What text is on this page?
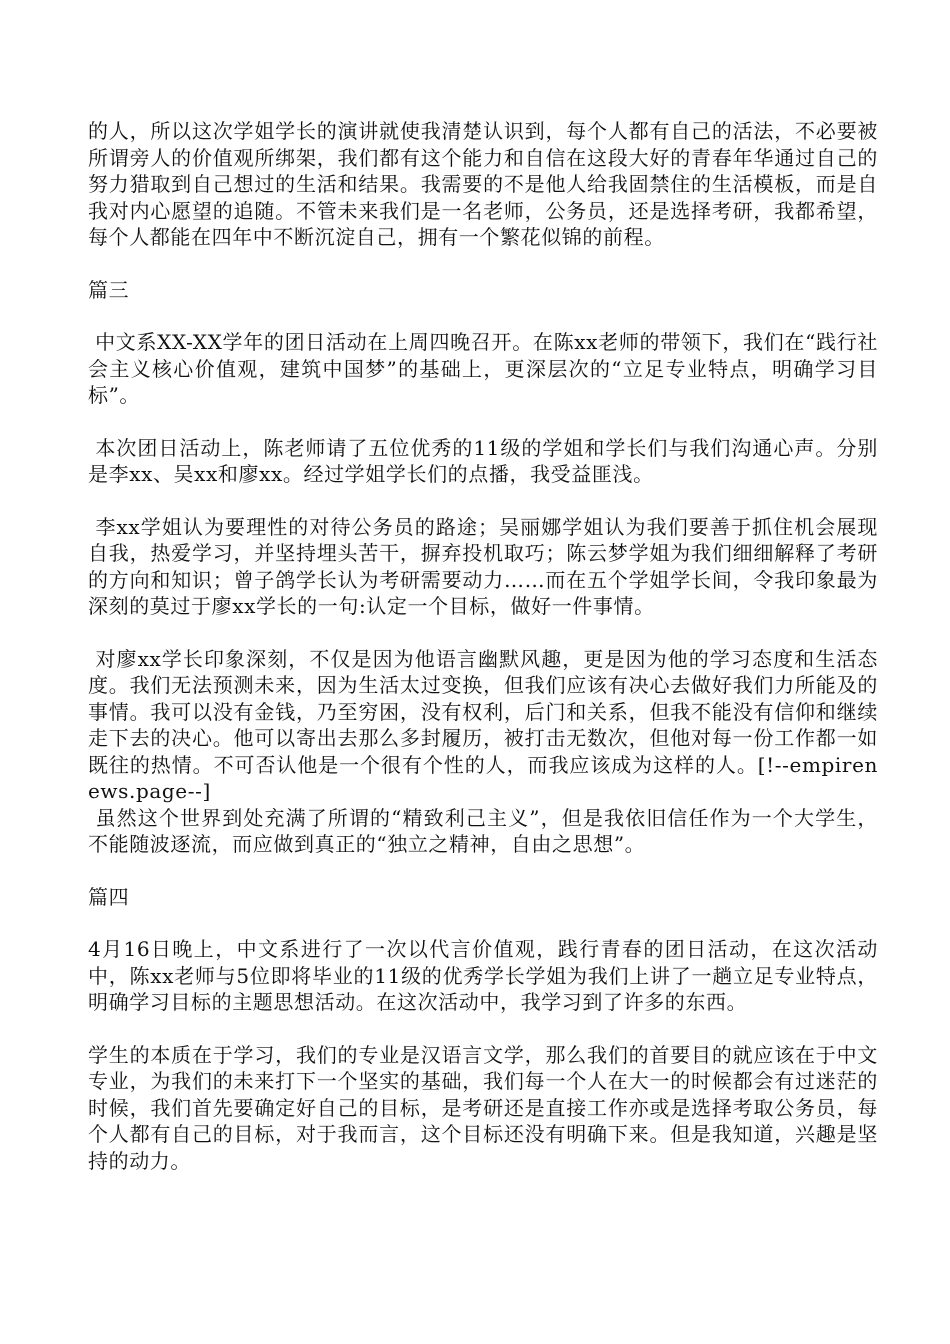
的人，所以这次学姐学长的演讲就使我清楚认识到，每个人都有自己的活法，不必要被所谓旁人的价值观所绑架，我们都有这个能力和自信在这段大好的青春年华通过自己的努力猎取到自己想过的生活和结果。我需要的不是他人给我固禁住的生活模板，而是自我对内心愿望的追随。不管未来我们是一名老师，公务员，还是选择考研，我都希望，每个人都能在四年中不断沉淀自己，拥有一个繁花似锦的前程。

篇三

中文系XX-XX学年的团日活动在上周四晚召开。在陈xx老师的带领下，我们在“践行社会主义核心价值观，建筑中国梦”的基础上，更深层次的“立足专业特点，明确学习目标”。

本次团日活动上，陈老师请了五位优秀的11级的学姐和学长们与我们沟通心声。分别是李xx、吴xx和廖xx。经过学姐学长们的点播，我受益匪浅。

李xx学姐认为要理性的对待公务员的路途；吴丽娜学姐认为我们要善于抓住机会展现自我，热爱学习，并坚持埋头苦干，摒弃投机取巧；陈云梦学姐为我们细细解释了考研的方向和知识；曾子鸽学长认为考研需要动力……而在五个学姐学长间，令我印象最为深刻的莫过于廖xx学长的一句:认定一个目标，做好一件事情。

对廖xx学长印象深刻，不仅是因为他语言幽默风趣，更是因为他的学习态度和生活态度。我们无法预测未来，因为生活太过变换，但我们应该有决心去做好我们力所能及的事情。我可以没有金钱，乃至穷困，没有权利，后门和关系，但我不能没有信仰和继续走下去的决心。他可以寄出去那么多封履历，被打击无数次，但他对每一份工作都一如既往的热情。不可否认他是一个很有个性的人，而我应该成为这样的人。[!--empirenews.page--]

虽然这个世界到处充满了所谓的“精致利己主义”，但是我依旧信任作为一个大学生，不能随波逐流，而应做到真正的“独立之精神，自由之思想”。

篇四

4月16日晚上，中文系进行了一次以代言价值观，践行青春的团日活动，在这次活动中，陈xx老师与5位即将毕业的11级的优秀学长学姐为我们上讲了一趟立足专业特点，明确学习目标的主题思想活动。在这次活动中，我学习到了许多的东西。

学生的本质在于学习，我们的专业是汉语言文学，那么我们的首要目的就应该在于中文专业，为我们的未来打下一个坚实的基础，我们每一个人在大一的时候都会有过迷茫的时候，我们首先要确定好自己的目标，是考研还是直接工作亦或是选择考取公务员，每个人都有自己的目标，对于我而言，这个目标还没有明确下来。但是我知道，兴趣是坚持的动力。
